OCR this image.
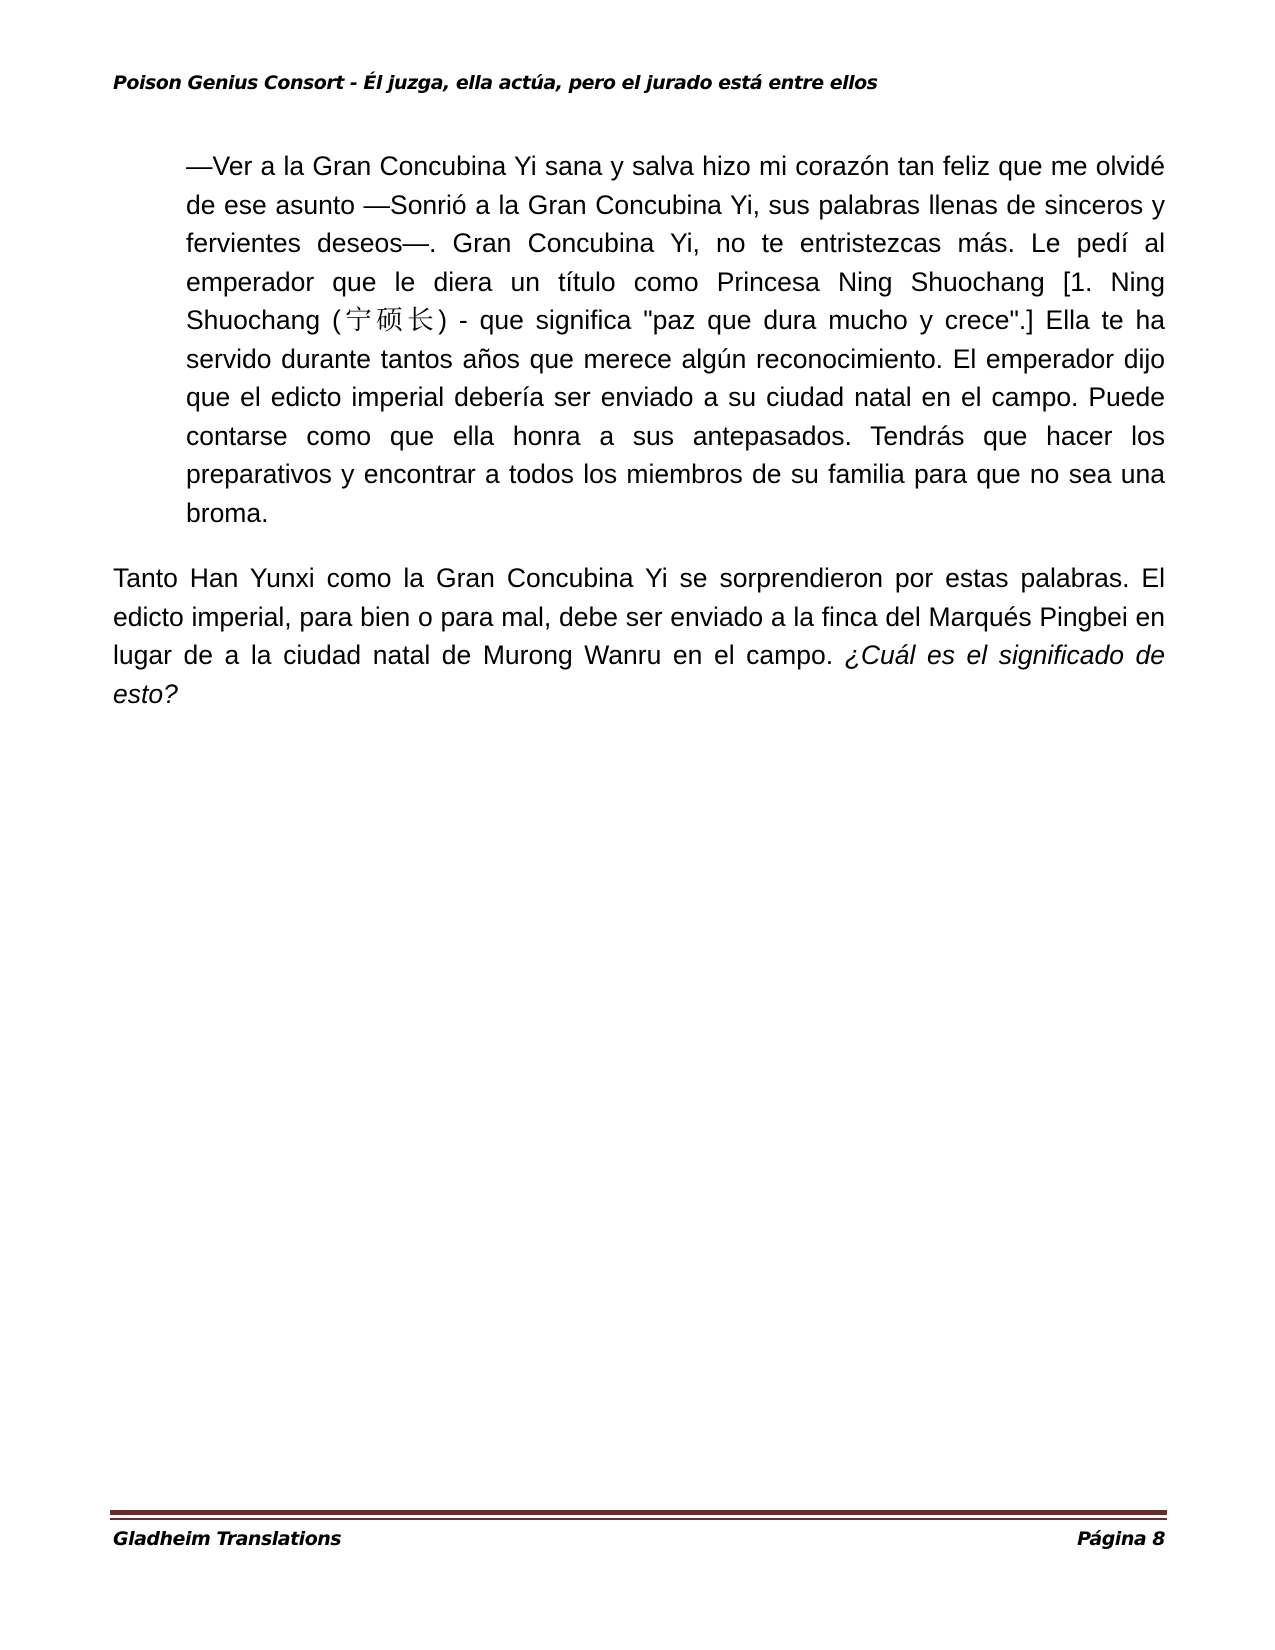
Poison Genius Consort - Él juzga, ella actúa, pero el jurado está entre ellos

—Ver a la Gran Concubina Yi sana y salva hizo mi corazón tan feliz que me olvidé de ese asunto —Sonrió a la Gran Concubina Yi, sus palabras llenas de sinceros y fervientes deseos—. Gran Concubina Yi, no te entristezcas más. Le pedí al emperador que le diera un título como Princesa Ning Shuochang [1. Ning Shuochang (宁硕长) - que significa "paz que dura mucho y crece".] Ella te ha servido durante tantos años que merece algún reconocimiento. El emperador dijo que el edicto imperial debería ser enviado a su ciudad natal en el campo. Puede contarse como que ella honra a sus antepasados. Tendrás que hacer los preparativos y encontrar a todos los miembros de su familia para que no sea una broma.

Tanto Han Yunxi como la Gran Concubina Yi se sorprendieron por estas palabras. El edicto imperial, para bien o para mal, debe ser enviado a la finca del Marqués Pingbei en lugar de a la ciudad natal de Murong Wanru en el campo. ¿Cuál es el significado de esto?

Gladheim Translations	Página 8
